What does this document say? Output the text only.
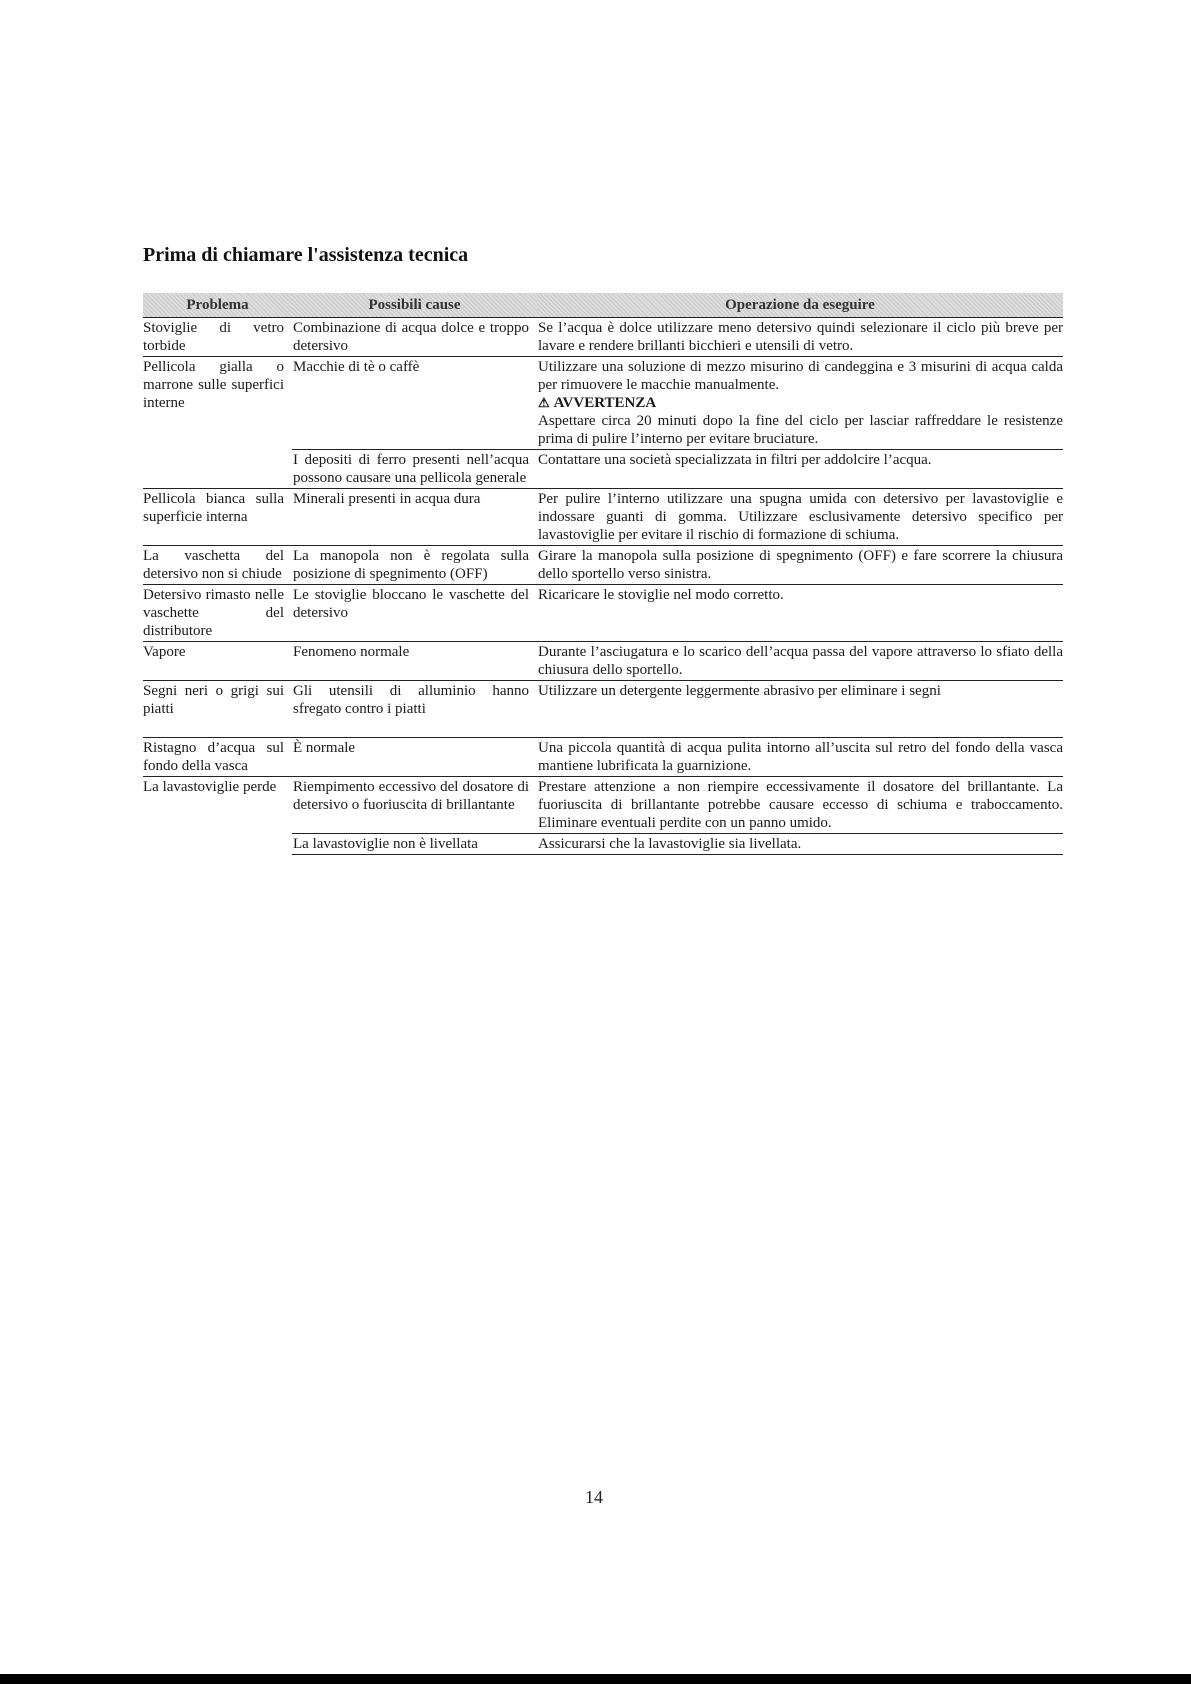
Prima di chiamare l'assistenza tecnica
Problema	Possibili cause	Operazione da eseguire
Stoviglie di vetro torbide	Combinazione di acqua dolce e troppo detersivo	Se l’acqua è dolce utilizzare meno detersivo quindi selezionare il ciclo più breve per lavare e rendere brillanti bicchieri e utensili di vetro.
Pellicola gialla o marrone sulle superfici interne	Macchie di tè o caffè	Utilizzare una soluzione di mezzo misurino di candeggina e 3 misurini di acqua calda per rimuovere le macchie manualmente.
⚠ AVVERTENZA
Aspettare circa 20 minuti dopo la fine del ciclo per lasciar raffreddare le resistenze prima di pulire l’interno per evitare bruciature.
	I depositi di ferro presenti nell’acqua possono causare una pellicola generale	Contattare una società specializzata in filtri per addolcire l’acqua.
Pellicola bianca sulla superficie interna	Minerali presenti in acqua dura	Per pulire l’interno utilizzare una spugna umida con detersivo per lavastoviglie e indossare guanti di gomma. Utilizzare esclusivamente detersivo specifico per lavastoviglie per evitare il rischio di formazione di schiuma.
La vaschetta del detersivo non si chiude	La manopola non è regolata sulla posizione di spegnimento (OFF)	Girare la manopola sulla posizione di spegnimento (OFF) e fare scorrere la chiusura dello sportello verso sinistra.
Detersivo rimasto nelle vaschette del distributore	Le stoviglie bloccano le vaschette del detersivo	Ricaricare le stoviglie nel modo corretto.
Vapore	Fenomeno normale	Durante l’asciugatura e lo scarico dell’acqua passa del vapore attraverso lo sfiato della chiusura dello sportello.
Segni neri o grigi sui piatti	Gli utensili di alluminio hanno sfregato contro i piatti	Utilizzare un detergente leggermente abrasivo per eliminare i segni
Ristagno d’acqua sul fondo della vasca	È normale	Una piccola quantità di acqua pulita intorno all’uscita sul retro del fondo della vasca mantiene lubrificata la guarnizione.
La lavastoviglie perde	Riempimento eccessivo del dosatore di detersivo o fuoriuscita di brillantante	Prestare attenzione a non riempire eccessivamente il dosatore del brillantante. La fuoriuscita di brillantante potrebbe causare eccesso di schiuma e traboccamento. Eliminare eventuali perdite con un panno umido.
	La lavastoviglie non è livellata	Assicurarsi che la lavastoviglie sia livellata.
14
